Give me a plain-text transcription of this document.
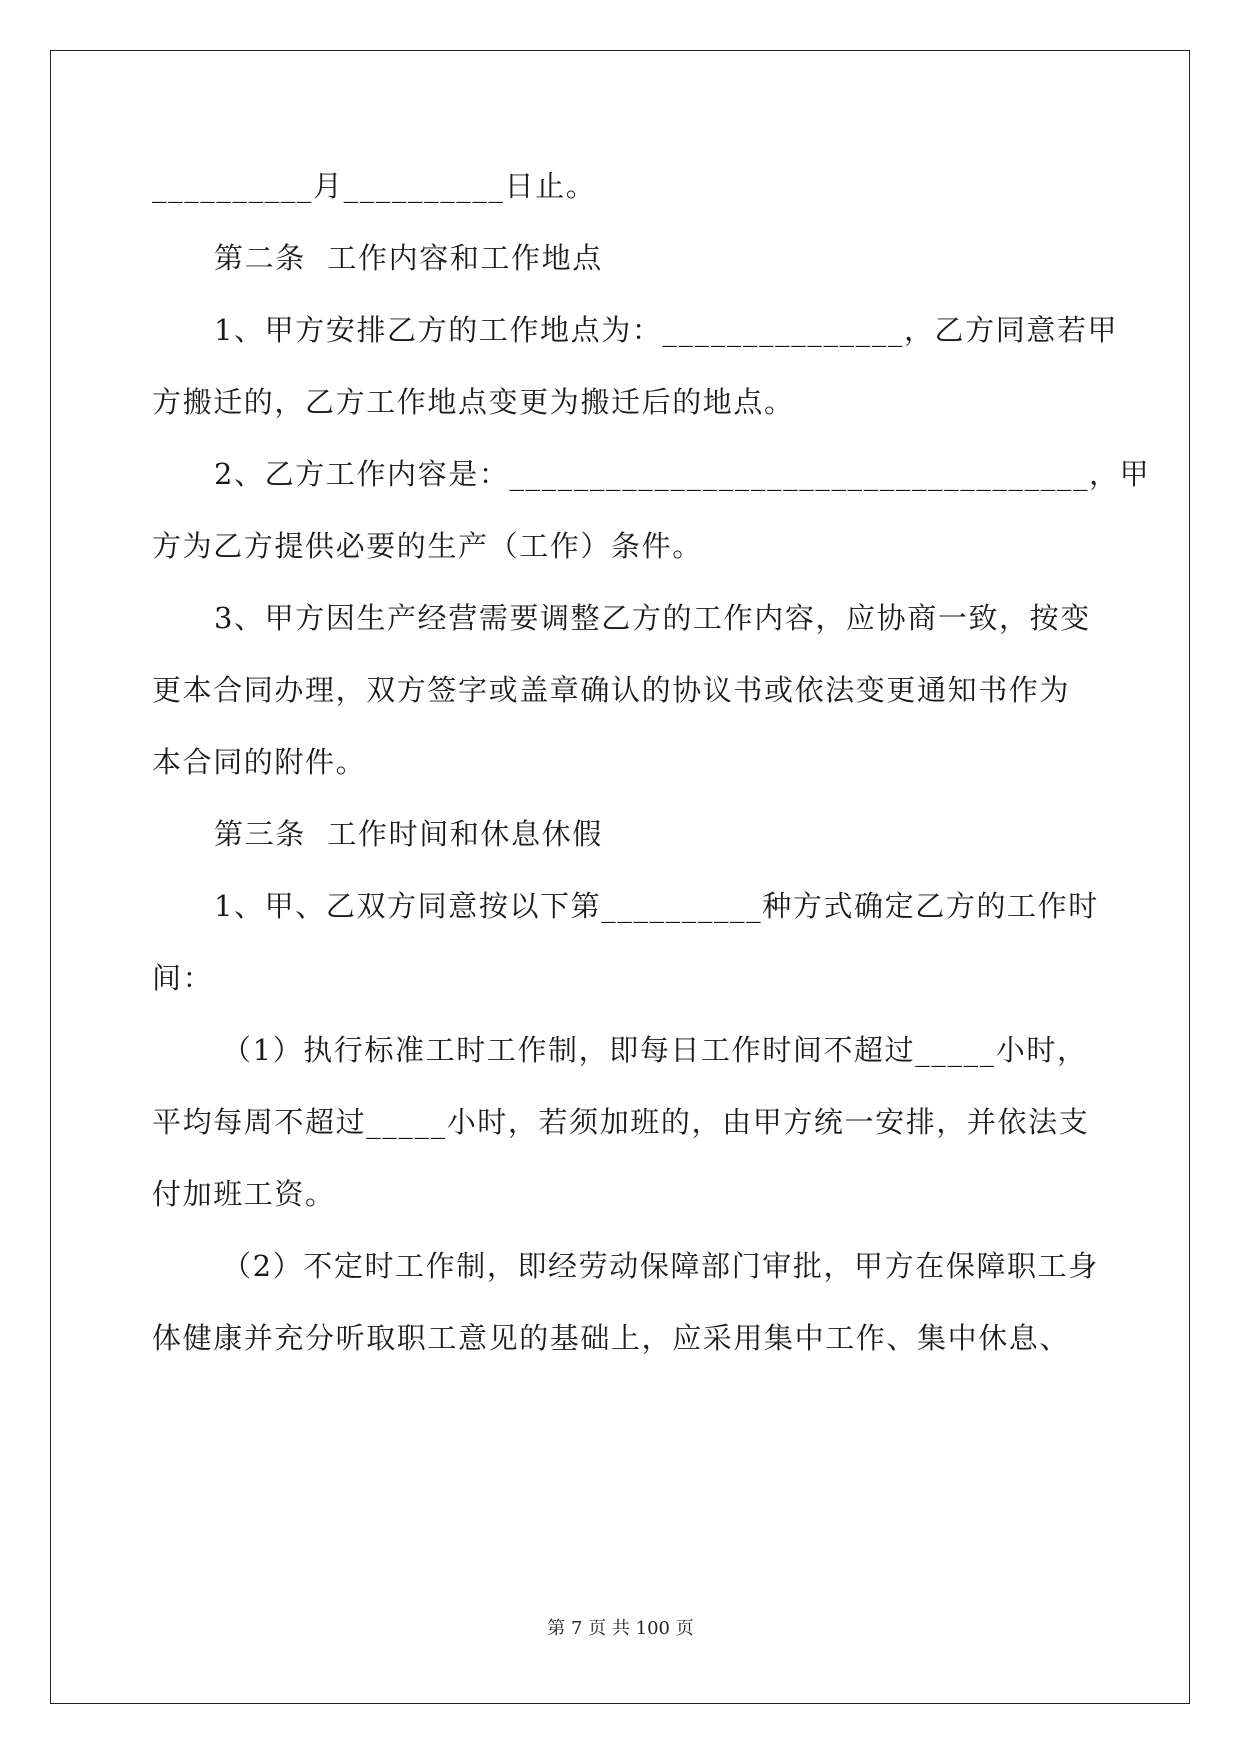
__________月__________日止。
第二条  工作内容和工作地点
1、甲方安排乙方的工作地点为：_______________，乙方同意若甲
方搬迁的，乙方工作地点变更为搬迁后的地点。
2、乙方工作内容是：____________________________________，甲
方为乙方提供必要的生产（工作）条件。
3、甲方因生产经营需要调整乙方的工作内容，应协商一致，按变
更本合同办理，双方签字或盖章确认的协议书或依法变更通知书作为
本合同的附件。
第三条  工作时间和休息休假
1、甲、乙双方同意按以下第__________种方式确定乙方的工作时
间：
（1）执行标准工时工作制，即每日工作时间不超过_____小时，
平均每周不超过_____小时，若须加班的，由甲方统一安排，并依法支
付加班工资。
（2）不定时工作制，即经劳动保障部门审批，甲方在保障职工身
体健康并充分听取职工意见的基础上，应采用集中工作、集中休息、
第 7 页 共 100 页
